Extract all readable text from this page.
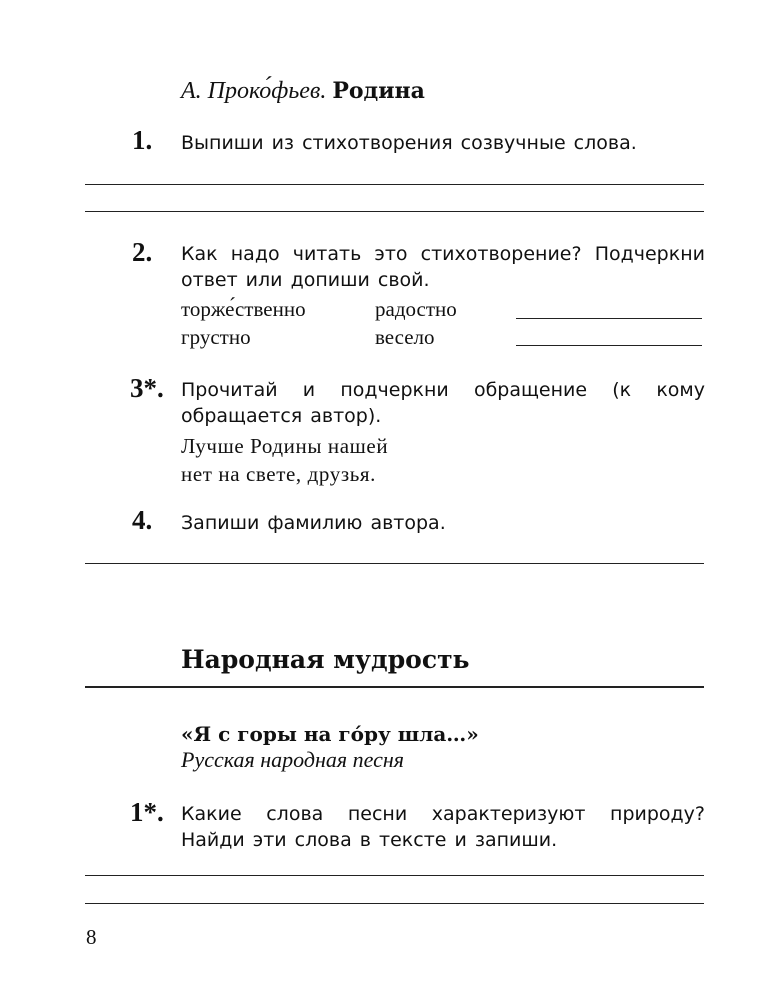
А. Проко́фьев. Родина
1. Выпиши из стихотворения созвучные слова.
2. Как надо читать это стихотворение? Подчеркни ответ или допиши свой.
торже́ственно	радостно
грустно	весело
3*. Прочитай и подчеркни обращение (к кому обращается автор).
Лучше Родины нашей
нет на свете, друзья.
4. Запиши фамилию автора.
Народная мудрость
«Я с горы на го́ру шла…»
Русская народная песня
1*. Какие слова песни характеризуют природу? Найди эти слова в тексте и запиши.
8
